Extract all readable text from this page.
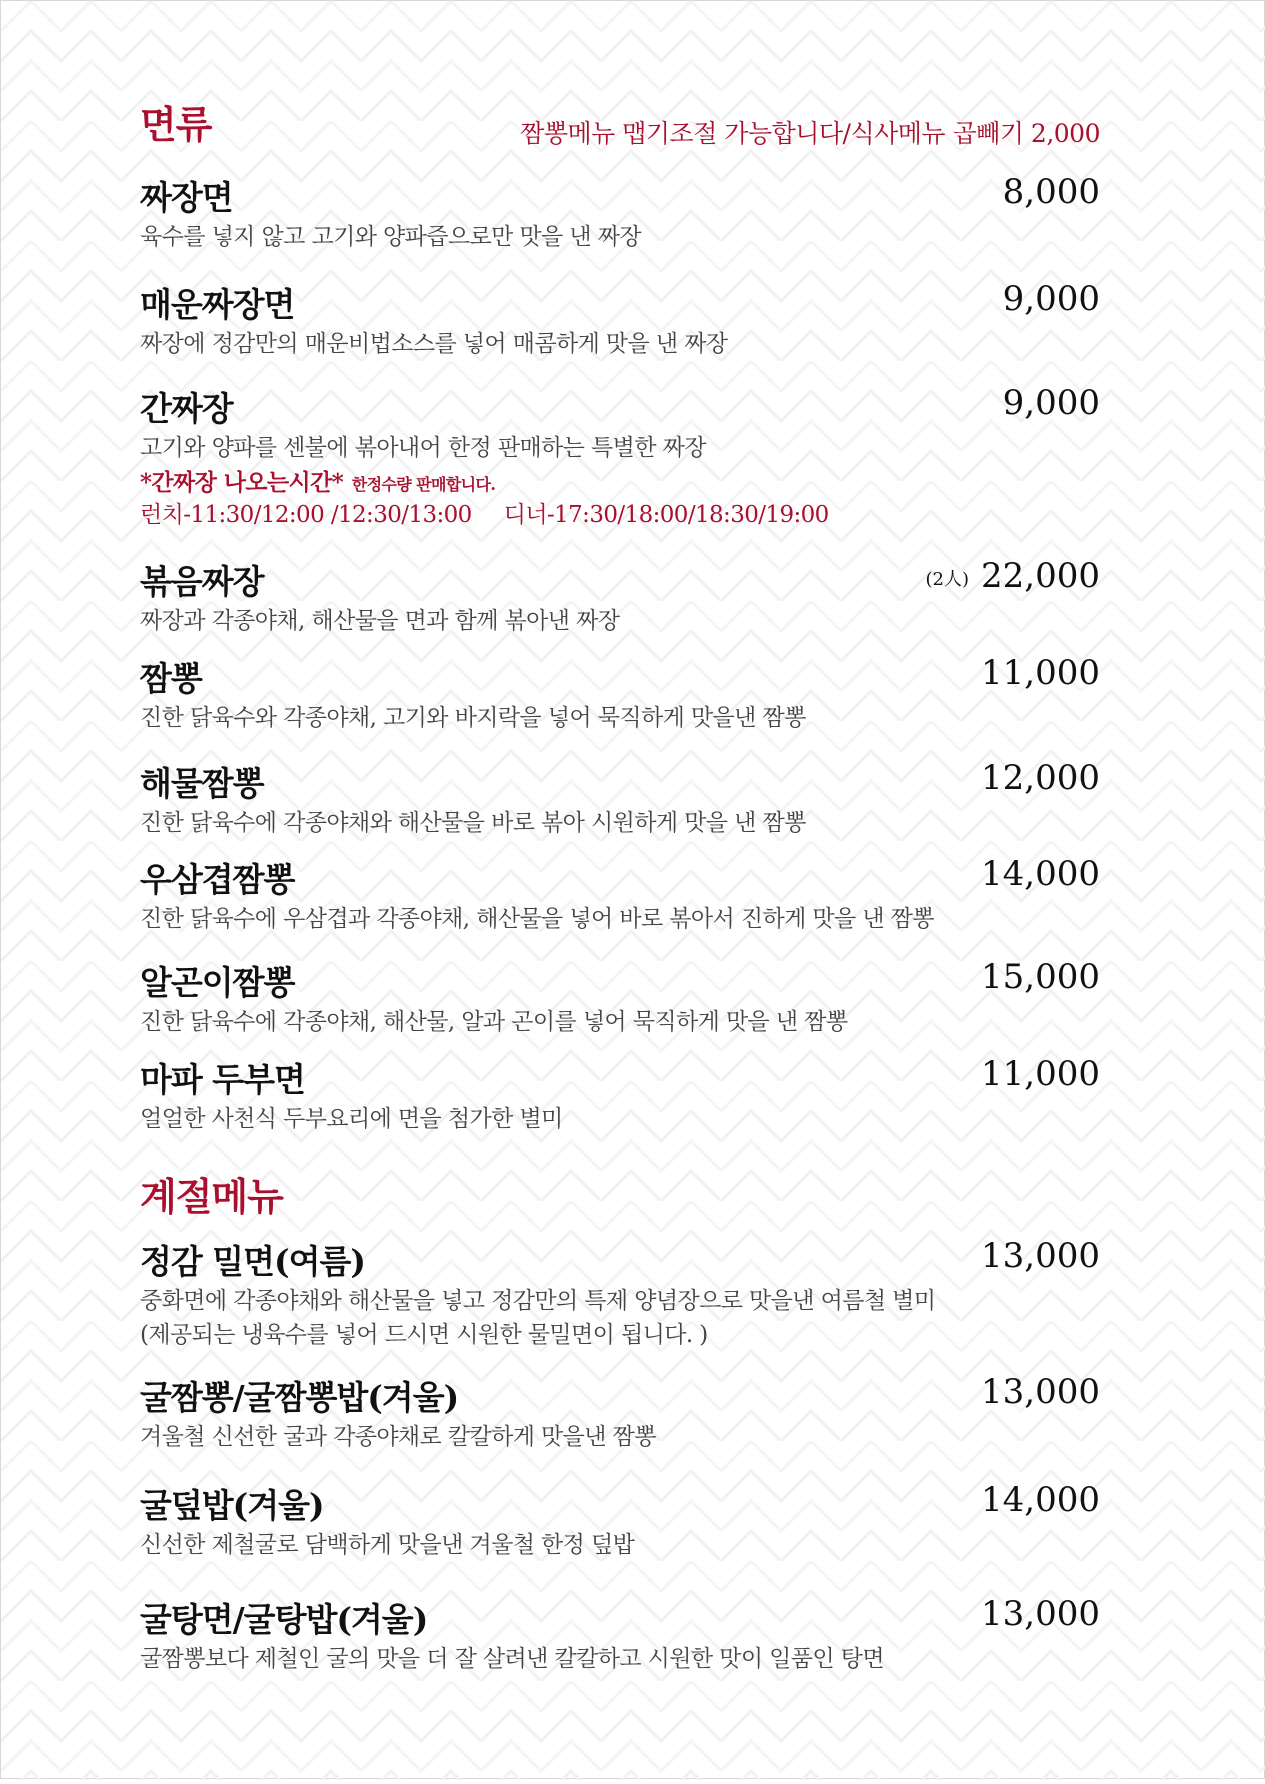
면류	짬뽕메뉴 맵기조절 가능합니다/식사메뉴 곱빼기 2,000
짜장면	8,000
육수를 넣지 않고 고기와 양파즙으로만 맛을 낸 짜장
매운짜장면	9,000
짜장에 정감만의 매운비법소스를 넣어 매콤하게 맛을 낸 짜장
간짜장	9,000
고기와 양파를 센불에 볶아내어 한정 판매하는 특별한 짜장
*간짜장 나오는시간* 한정수량 판매합니다.
런치-11:30/12:00 /12:30/13:00 디너-17:30/18:00/18:30/19:00
볶음짜장	(2人) 22,000
짜장과 각종야채, 해산물을 면과 함께 볶아낸 짜장
짬뽕	11,000
진한 닭육수와 각종야채, 고기와 바지락을 넣어 묵직하게 맛을낸 짬뽕
해물짬뽕	12,000
진한 닭육수에 각종야채와 해산물을 바로 볶아 시원하게 맛을 낸 짬뽕
우삼겹짬뽕	14,000
진한 닭육수에 우삼겹과 각종야채, 해산물을 넣어 바로 볶아서 진하게 맛을 낸 짬뽕
알곤이짬뽕	15,000
진한 닭육수에 각종야채, 해산물, 알과 곤이를 넣어 묵직하게 맛을 낸 짬뽕
마파 두부면	11,000
얼얼한 사천식 두부요리에 면을 첨가한 별미
계절메뉴
정감 밀면(여름)	13,000
중화면에 각종야채와 해산물을 넣고 정감만의 특제 양념장으로 맛을낸 여름철 별미
(제공되는 냉육수를 넣어 드시면 시원한 물밀면이 됩니다. )
굴짬뽕/굴짬뽕밥(겨울)	13,000
겨울철 신선한 굴과 각종야채로 칼칼하게 맛을낸 짬뽕
굴덮밥(겨울)	14,000
신선한 제철굴로 담백하게 맛을낸 겨울철 한정 덮밥
굴탕면/굴탕밥(겨울)	13,000
굴짬뽕보다 제철인 굴의 맛을 더 잘 살려낸 칼칼하고 시원한 맛이 일품인 탕면
